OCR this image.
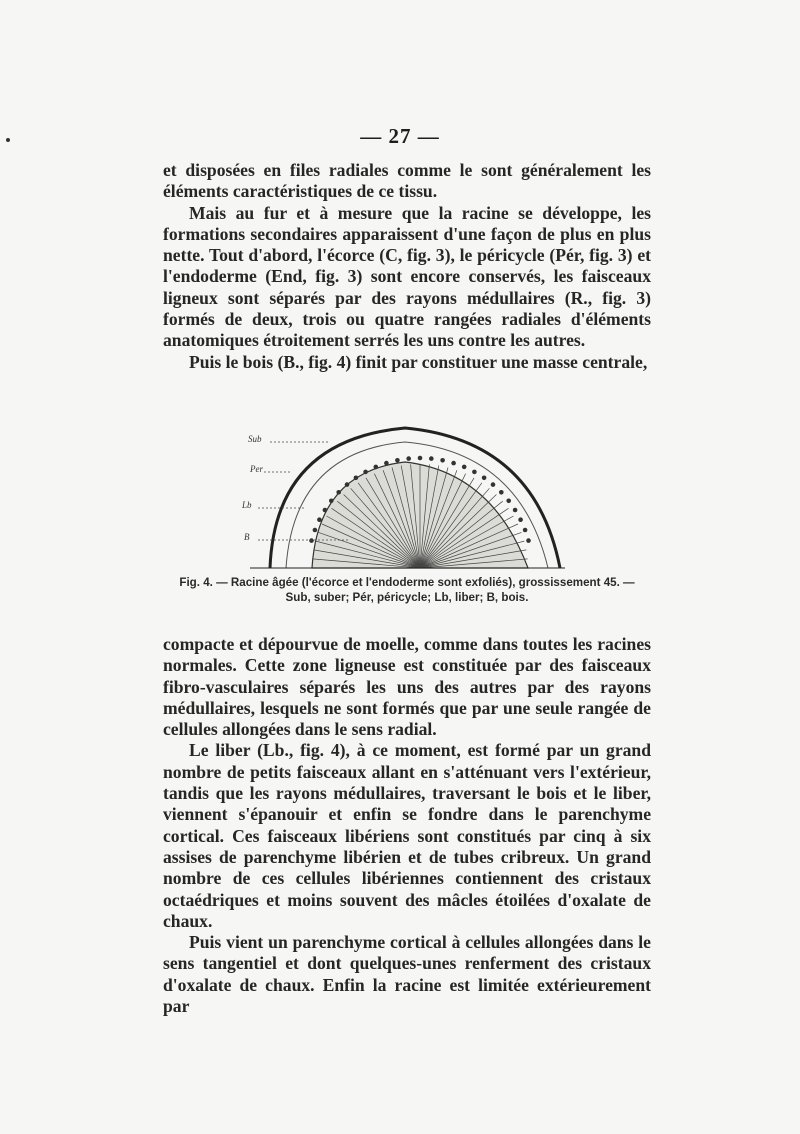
— 27 —

et disposées en files radiales comme le sont généralement les éléments caractéristiques de ce tissu.

Mais au fur et à mesure que la racine se développe, les formations secondaires apparaissent d'une façon de plus en plus nette. Tout d'abord, l'écorce (C, fig. 3), le péricycle (Pér, fig. 3) et l'endoderme (End, fig. 3) sont encore conservés, les faisceaux ligneux sont séparés par des rayons médullaires (R., fig. 3) formés de deux, trois ou quatre rangées radiales d'éléments anatomiques étroitement serrés les uns contre les autres.

Puis le bois (B., fig. 4) finit par constituer une masse centrale,

Sub
Per
Lb
B
Fig. 4. — Racine âgée (l'écorce et l'endoderme sont exfoliés), grossissement 45. —
Sub, suber; Pér, péricycle; Lb, liber; B, bois.

compacte et dépourvue de moelle, comme dans toutes les racines normales. Cette zone ligneuse est constituée par des faisceaux fibro-vasculaires séparés les uns des autres par des rayons médullaires, lesquels ne sont formés que par une seule rangée de cellules allongées dans le sens radial.

Le liber (Lb., fig. 4), à ce moment, est formé par un grand nombre de petits faisceaux allant en s'atténuant vers l'extérieur, tandis que les rayons médullaires, traversant le bois et le liber, viennent s'épanouir et enfin se fondre dans le parenchyme cortical. Ces faisceaux libériens sont constitués par cinq à six assises de parenchyme libérien et de tubes cribreux. Un grand nombre de ces cellules libériennes contiennent des cristaux octaédriques et moins souvent des mâcles étoilées d'oxalate de chaux.

Puis vient un parenchyme cortical à cellules allongées dans le sens tangentiel et dont quelques-unes renferment des cristaux d'oxalate de chaux. Enfin la racine est limitée extérieurement par
